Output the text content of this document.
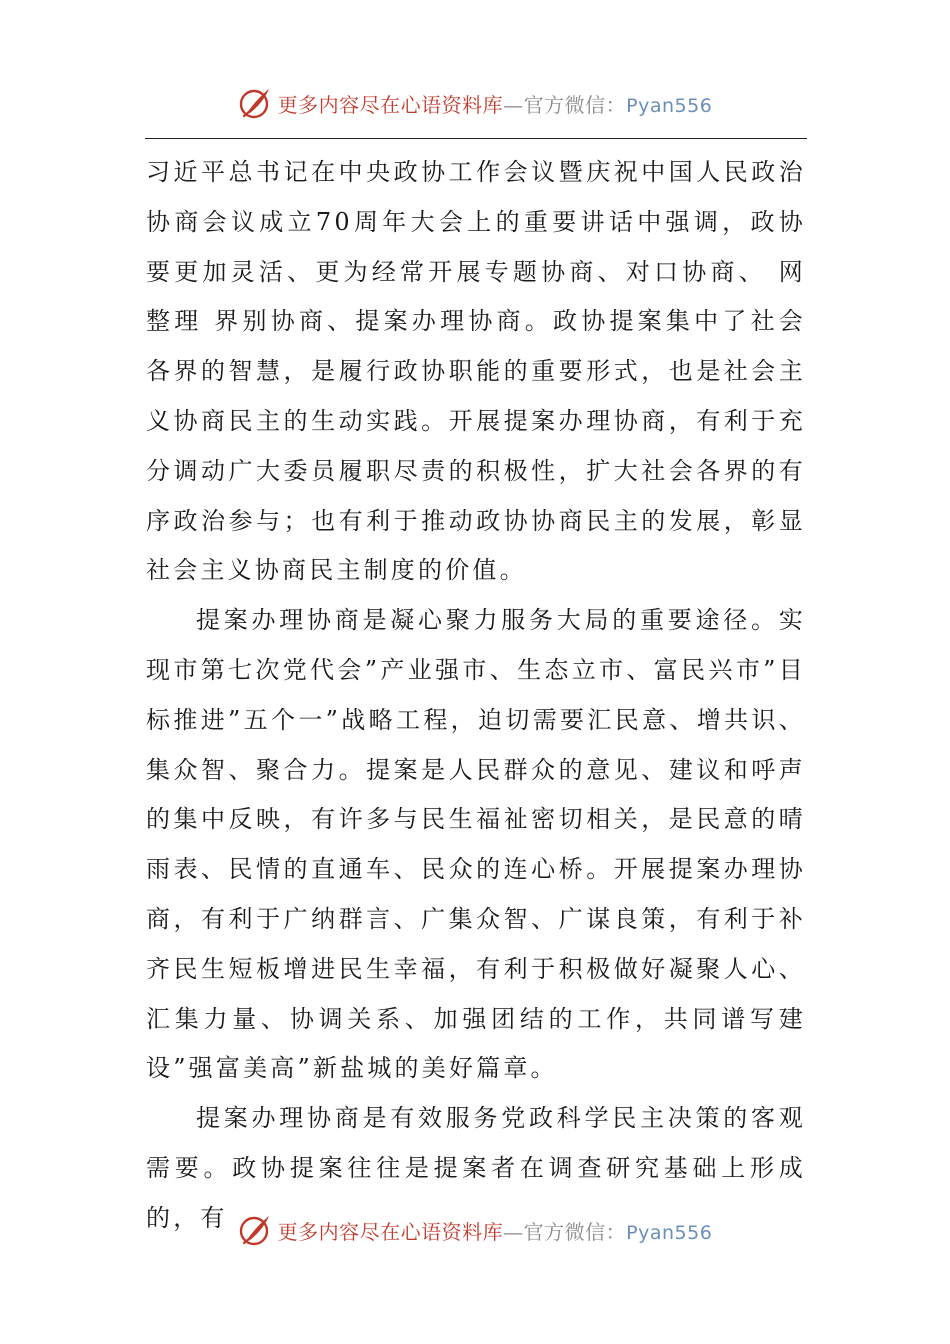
更多内容尽在心语资料库—官方微信：Pyan556

习近平总书记在中央政协工作会议暨庆祝中国人民政治协商会议成立70周年大会上的重要讲话中强调，政协要更加灵活、更为经常开展专题协商、对口协商、 网整理 界别协商、提案办理协商。政协提案集中了社会各界的智慧，是履行政协职能的重要形式，也是社会主义协商民主的生动实践。开展提案办理协商，有利于充分调动广大委员履职尽责的积极性，扩大社会各界的有序政治参与；也有利于推动政协协商民主的发展，彰显社会主义协商民主制度的价值。

提案办理协商是凝心聚力服务大局的重要途径。实现市第七次党代会”产业强市、生态立市、富民兴市”目标推进”五个一”战略工程，迫切需要汇民意、增共识、集众智、聚合力。提案是人民群众的意见、建议和呼声的集中反映，有许多与民生福祉密切相关，是民意的晴雨表、民情的直通车、民众的连心桥。开展提案办理协商，有利于广纳群言、广集众智、广谋良策，有利于补齐民生短板增进民生幸福，有利于积极做好凝聚人心、汇集力量、协调关系、加强团结的工作，共同谱写建设”强富美高”新盐城的美好篇章。

提案办理协商是有效服务党政科学民主决策的客观需要。政协提案往往是提案者在调查研究基础上形成的，有	更多内容尽在心语资料库—官方微信：Pyan556
